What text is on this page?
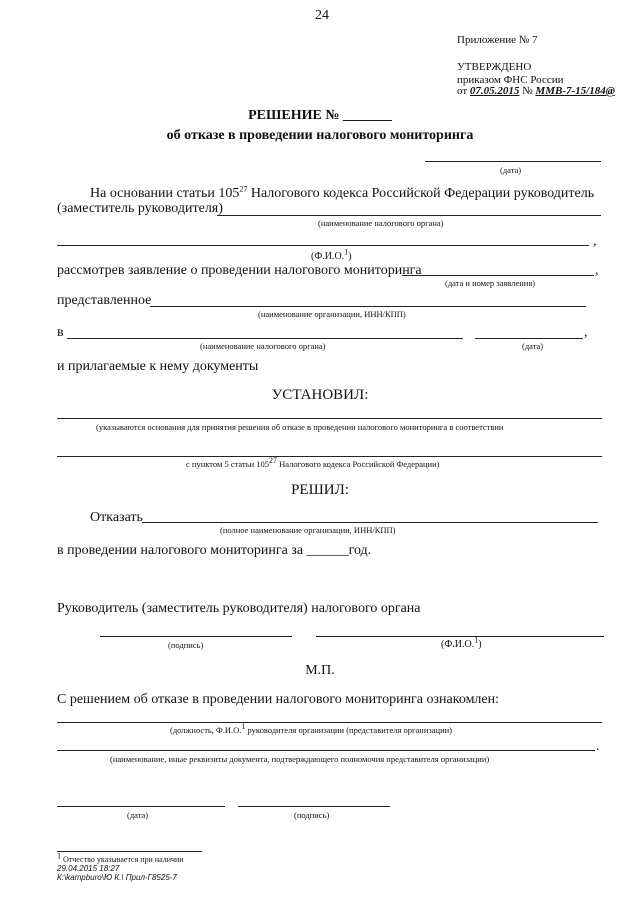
24
Приложение № 7
УТВЕРЖДЕНО
приказом ФНС России
от 07.05.2015 № ММВ-7-15/184@
РЕШЕНИЕ № _______
об отказе в проведении налогового мониторинга
(дата)
На основании статьи $105^{27}$ Налогового кодекса Российской Федерации руководитель
(заместитель руководителя)
(наименование налогового органа)
,
(Ф.И.О.$^1$)
рассмотрев заявление о проведении налогового мониторинга	,
(дата и номер заявления)
представленное
(наименование организации, ИНН/КПП)
в	,
(наименование налогового органа)	(дата)
и прилагаемые к нему документы
УСТАНОВИЛ:
(указываются основания для принятия решения об отказе в проведении налогового мониторинга в соответствии
с пунктом 5 статьи $105^{27}$ Налогового кодекса Российской Федерации)
РЕШИЛ:
Отказать
(полное наименование организации, ИНН/КПП)
в проведении налогового мониторинга за ______год.
Руководитель (заместитель руководителя) налогового органа
(подпись)	(Ф.И.О.$^1$)
М.П.
С решением об отказе в проведении налогового мониторинга ознакомлен:
(должность, Ф.И.О.$^1$ руководителя организации (представителя организации)
.
(наименование, иные реквизиты документа, подтверждающего полномочия представителя организации)
(дата)	(подпись)
$^1$ Отчество указывается при наличии
29.04.2015 18:27
К:\kampburo\Ю К.\ Прил-Г8525-7
